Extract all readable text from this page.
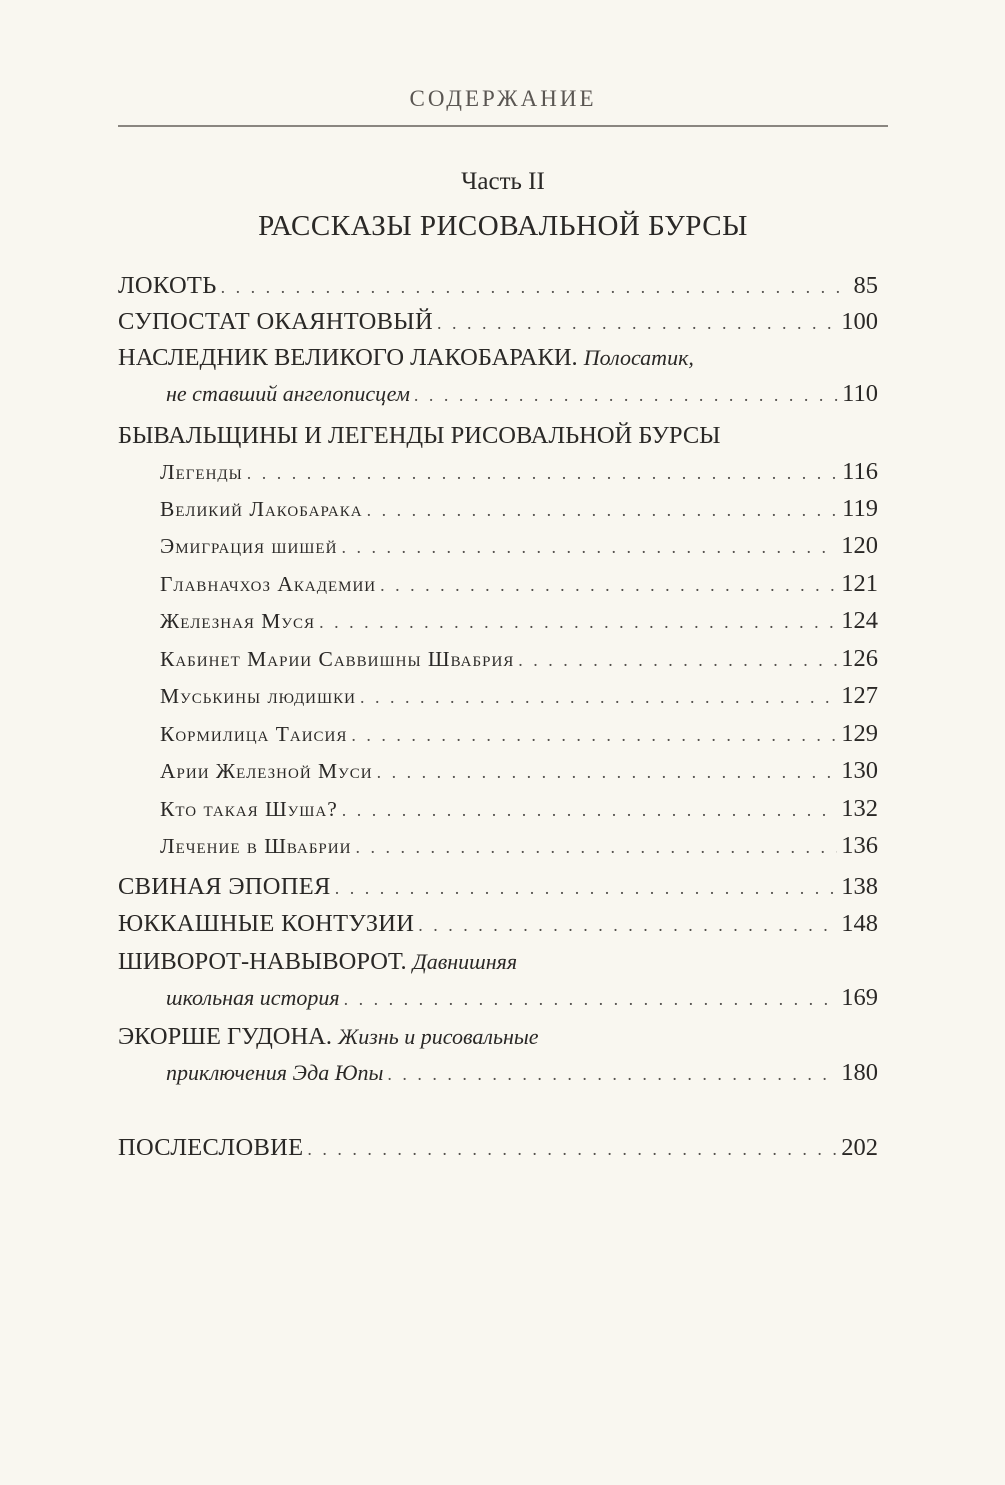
СОДЕРЖАНИЕ
Часть II
РАССКАЗЫ РИСОВАЛЬНОЙ БУРСЫ
ЛОКОТЬ . . .	85
СУПОСТАТ ОКАЯНТОВЫЙ . . .	100
НАСЛЕДНИК ВЕЛИКОГО ЛАКОБАРАКИ. Полосатик,
не ставший ангелописцем . . .	110
БЫВАЛЬЩИНЫ И ЛЕГЕНДЫ РИСОВАЛЬНОЙ БУРСЫ
Легенды . . .	116
Великий Лакобарака . . .	119
Эмиграция шишей . . .	120
Главначхоз Академии . . .	121
Железная Муся . . .	124
Кабинет Марии Саввишны Швабрия . . .	126
Муськины людишки . . .	127
Кормилица Таисия . . .	129
Арии Железной Муси . . .	130
Кто такая Шуша? . . .	132
Лечение в Швабрии . . .	136
СВИНАЯ ЭПОПЕЯ . . .	138
ЮККАШНЫЕ КОНТУЗИИ . . .	148
ШИВОРОТ-НАВЫВОРОТ. Давнишняя
школьная история . . .	169
ЭКОРШЕ ГУДОНА. Жизнь и рисовальные
приключения Эда Юпы . . .	180
ПОСЛЕСЛОВИЕ . . .	202
